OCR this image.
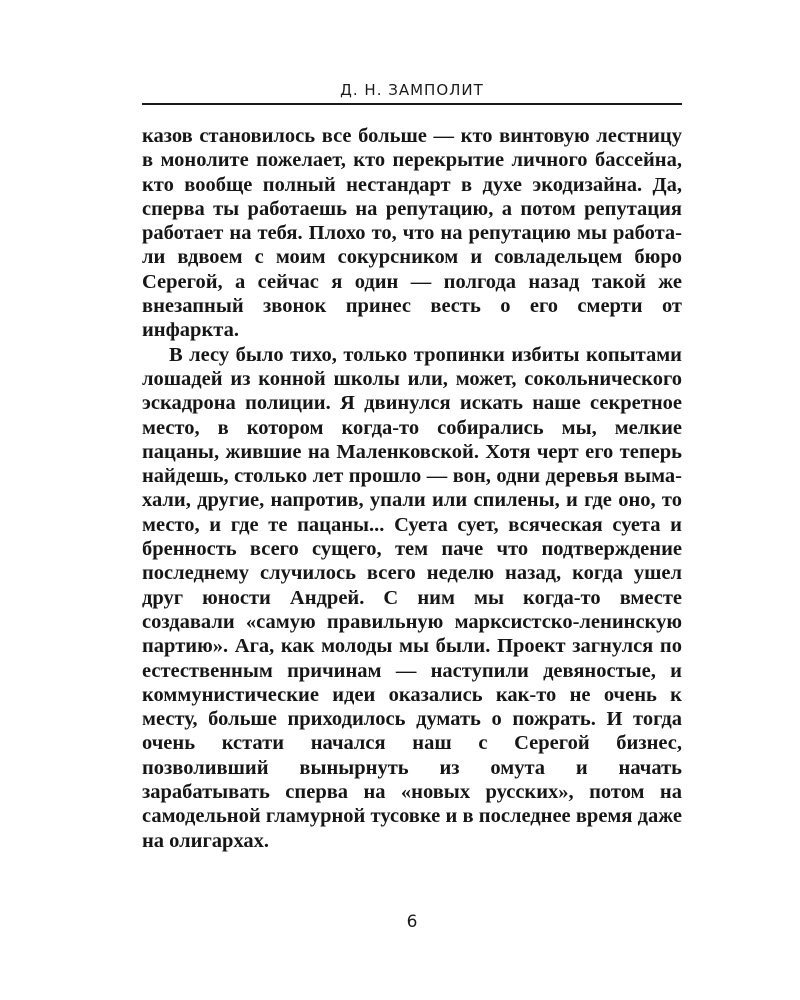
Д. Н. ЗАМПОЛИТ

казов становилось все больше — кто винтовую лестницу в монолите пожелает, кто перекрытие личного бассейна, кто вообще полный нестандарт в духе экодизайна. Да, сперва ты работаешь на репутацию, а потом репутация работает на тебя. Плохо то, что на репутацию мы работали вдвоем с моим сокурсником и совладельцем бюро Серегой, а сейчас я один — полгода назад такой же внезапный звонок принес весть о его смерти от инфаркта.

В лесу было тихо, только тропинки избиты копытами лошадей из конной школы или, может, сокольнического эскадрона полиции. Я двинулся искать наше секретное место, в котором когда-то собирались мы, мелкие пацаны, жившие на Маленковской. Хотя черт его теперь найдешь, столько лет прошло — вон, одни деревья вымахали, другие, напротив, упали или спилены, и где оно, то место, и где те пацаны... Суета сует, всяческая суета и бренность всего сущего, тем паче что подтверждение последнему случилось всего неделю назад, когда ушел друг юности Андрей. С ним мы когда-то вместе создавали «самую правильную марксистско-ленинскую партию». Ага, как молоды мы были. Проект загнулся по естественным причинам — наступили девяностые, и коммунистические идеи оказались как-то не очень к месту, больше приходилось думать о пожрать. И тогда очень кстати начался наш с Серегой бизнес, позволивший вынырнуть из омута и начать зарабатывать сперва на «новых русских», потом на самодельной гламурной тусовке и в последнее время даже на олигархах.

6
